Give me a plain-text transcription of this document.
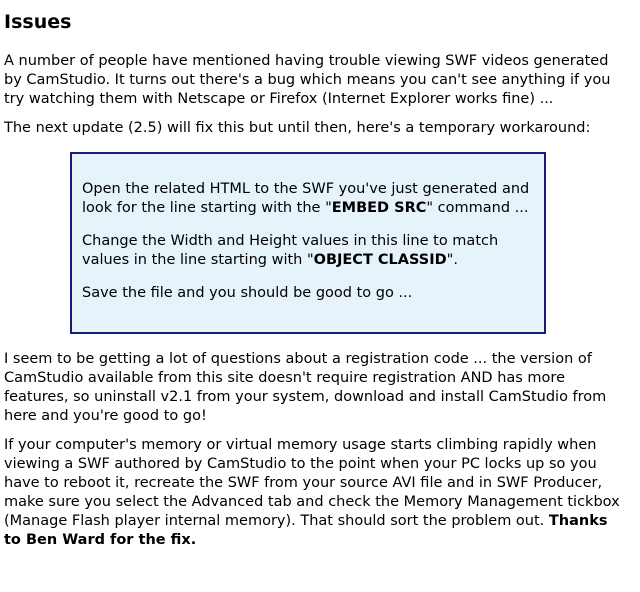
Issues

A number of people have mentioned having trouble viewing SWF videos generated by CamStudio. It turns out there's a bug which means you can't see anything if you try watching them with Netscape or Firefox (Internet Explorer works fine) ...

The next update (2.5) will fix this but until then, here's a temporary workaround:

Open the related HTML to the SWF you've just generated and look for the line starting with the "EMBED SRC" command ...

Change the Width and Height values in this line to match values in the line starting with "OBJECT CLASSID".

Save the file and you should be good to go ...

I seem to be getting a lot of questions about a registration code ... the version of CamStudio available from this site doesn't require registration AND has more features, so uninstall v2.1 from your system, download and install CamStudio from here and you're good to go!

If your computer's memory or virtual memory usage starts climbing rapidly when viewing a SWF authored by CamStudio to the point when your PC locks up so you have to reboot it, recreate the SWF from your source AVI file and in SWF Producer, make sure you select the Advanced tab and check the Memory Management tickbox (Manage Flash player internal memory). That should sort the problem out. Thanks to Ben Ward for the fix.
